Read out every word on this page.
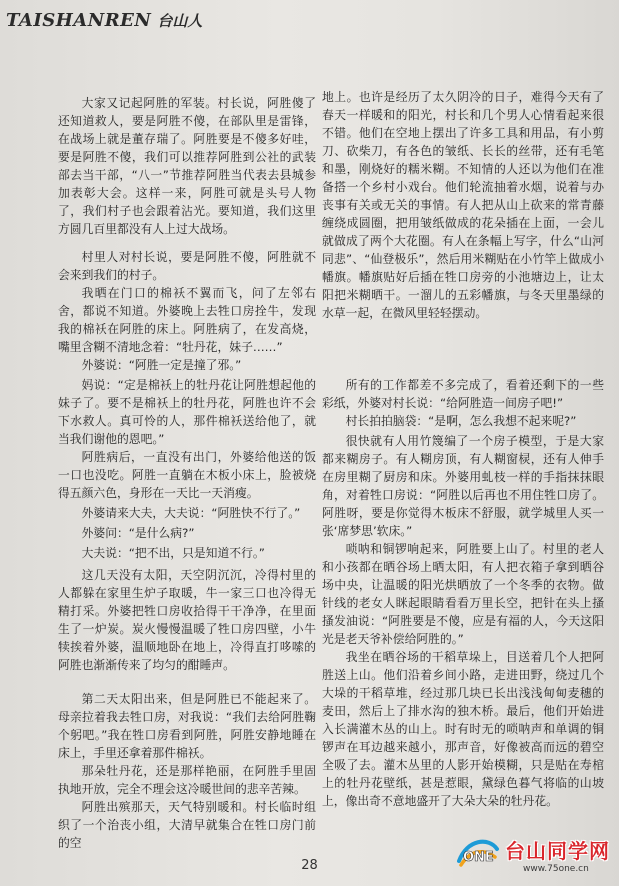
TAISHANREN 台山人
大家又记起阿胜的军装。村长说，阿胜傻了还知道救人，要是阿胜不傻，在部队里是雷锋，在战场上就是董存瑞了。阿胜要是不傻多好哇，要是阿胜不傻，我们可以推荐阿胜到公社的武装部去当干部，“八一”节推荐阿胜当代表去县城参加表彰大会。这样一来，阿胜可就是头号人物了，我们村子也会跟着沾光。要知道，我们这里方圆几百里都没有人上过大战场。
村里人对村长说，要是阿胜不傻，阿胜就不会来到我们的村子。
我晒在门口的棉袄不翼而飞，问了左邻右舍，都说不知道。外婆晚上去牲口房拴牛，发现我的棉袄在阿胜的床上。阿胜病了，在发高烧，嘴里含糊不清地念着：“牡丹花，妹子……”
外婆说：“阿胜一定是撞了邪。”
妈说：“定是棉袄上的牡丹花让阿胜想起他的妹子了。要不是棉袄上的牡丹花，阿胜也许不会下水救人。真可怜的人，那件棉袄送给他了，就当我们谢他的恩吧。”
阿胜病后，一直没有出门，外婆给他送的饭一口也没吃。阿胜一直躺在木板小床上，脸被烧得五颜六色，身形在一天比一天消瘦。
外婆请来大夫，大夫说：“阿胜快不行了。”
外婆问：“是什么病?”
大夫说：“把不出，只是知道不行。”
这几天没有太阳，天空阴沉沉，冷得村里的人都躲在家里生炉子取暖，牛一家三口也冷得无精打采。外婆把牲口房收拾得干干净净，在里面生了一炉炭。炭火慢慢温暖了牲口房四壁，小牛犊挨着外婆，温顺地卧在地上，冷得直打哆嗦的阿胜也渐渐传来了均匀的酣睡声。
第二天太阳出来，但是阿胜已不能起来了。母亲拉着我去牲口房，对我说：“我们去给阿胜鞠个躬吧。”我在牲口房看到阿胜，阿胜安静地睡在床上，手里还拿着那件棉袄。
那朵牡丹花，还是那样艳丽，在阿胜手里固执地开放，完全不理会这冷暖世间的悲辛苦辣。
阿胜出殡那天，天气特别暖和。村长临时组织了一个治丧小组，大清早就集合在牲口房门前的空
地上。也许是经历了太久阴冷的日子，难得今天有了春天一样暖和的阳光，村长和几个男人心情看起来很不错。他们在空地上摆出了许多工具和用品，有小剪刀、砍柴刀，有各色的皱纸、长长的丝带，还有毛笔和墨，刚烧好的糯米糊。不知情的人还以为他们在准备搭一个乡村小戏台。他们轮流抽着水烟，说着与办丧事有关或无关的事情。有人把从山上砍来的常青藤缠绕成圆圈，把用皱纸做成的花朵插在上面，一会儿就做成了两个大花圈。有人在条幅上写字，什么“山河同悲”、“仙登极乐”，然后用米糊贴在小竹竿上做成小幡旗。幡旗贴好后插在牲口房旁的小池塘边上，让太阳把米糊晒干。一溜儿的五彩幡旗，与冬天里墨绿的水草一起，在微风里轻轻摆动。
所有的工作都差不多完成了，看着还剩下的一些彩纸，外婆对村长说：“给阿胜造一间房子吧!”
村长拍拍脑袋：“是啊，怎么我想不起来呢?”
很快就有人用竹篾编了一个房子模型，于是大家都来糊房子。有人糊房顶，有人糊窗棂，还有人伸手在房里糊了厨房和床。外婆用虬枝一样的手指抹抹眼角，对着牲口房说：“阿胜以后再也不用住牲口房了。阿胜呀，要是你觉得木板床不舒服，就学城里人买一张‘席梦思’软床。”
唢呐和铜锣响起来，阿胜要上山了。村里的老人和小孩都在晒谷场上晒太阳，有人把衣箱子拿到晒谷场中央，让温暖的阳光烘晒放了一个冬季的衣物。做针线的老女人眯起眼睛看看万里长空，把针在头上搔搔发油说：“阿胜要是不傻，应是有福的人，今天这阳光是老天爷补偿给阿胜的。”
我坐在晒谷场的干稻草垛上，目送着几个人把阿胜送上山。他们沿着乡间小路，走进田野，绕过几个大垛的干稻草堆，经过那几块已长出浅浅甸甸麦穗的麦田，然后上了排水沟的独木桥。最后，他们开始进入长满灌木丛的山上。时有时无的唢呐声和单调的铜锣声在耳边越来越小，那声音，好像被高而远的碧空全吸了去。灌木丛里的人影开始模糊，只是贴在寿棺上的牡丹花壁纸，甚是惹眼，黛绿色暮气将临的山坡上，像出奇不意地盛开了大朵大朵的牡丹花。
28
ONE 台山同学网
www.75one.cn
